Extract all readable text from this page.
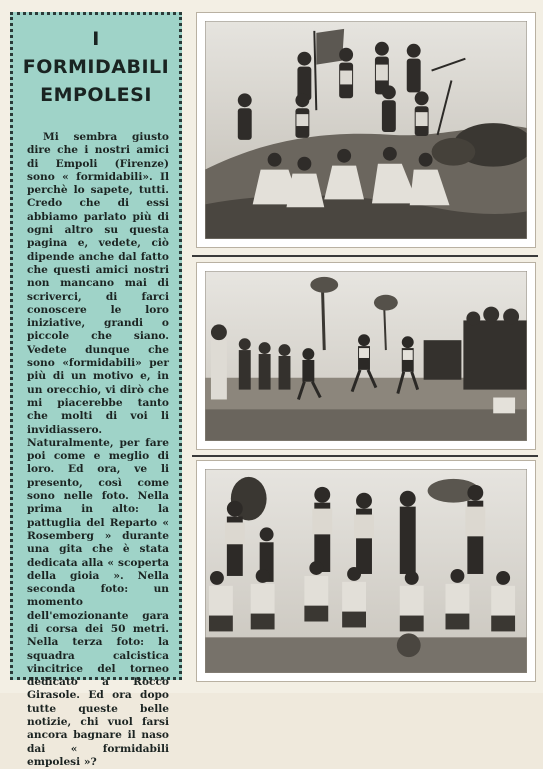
I FORMIDABILI
EMPOLESI

Mi sembra giusto dire che i nostri amici di Empoli (Firenze) sono « formidabili». Il perchè lo sapete, tutti. Credo che di essi abbiamo parlato più di ogni altro su questa pagina e, vedete, ciò dipende anche dal fatto che questi amici nostri non mancano mai di scriverci, di farci conoscere le loro iniziative, grandi o piccole che siano. Vedete dunque che sono «formidabili» per più di un motivo e, in un orecchio, vi dirò che mi piacerebbe tanto che molti di voi li invidiassero. Naturalmente, per fare poi come e meglio di loro. Ed ora, ve li presento, così come sono nelle foto. Nella prima in alto: la pattuglia del Reparto « Rosemberg » durante una gita che è stata dedicata alla « scoperta della gioia ». Nella seconda foto: un momento dell'emozionante gara di corsa dei 50 metri. Nella terza foto: la squadra calcistica vincitrice del torneo dedicato a Rocco Girasole. Ed ora dopo tutte queste belle notizie, chi vuol farsi ancora bagnare il naso dai « formidabili empolesi »?
